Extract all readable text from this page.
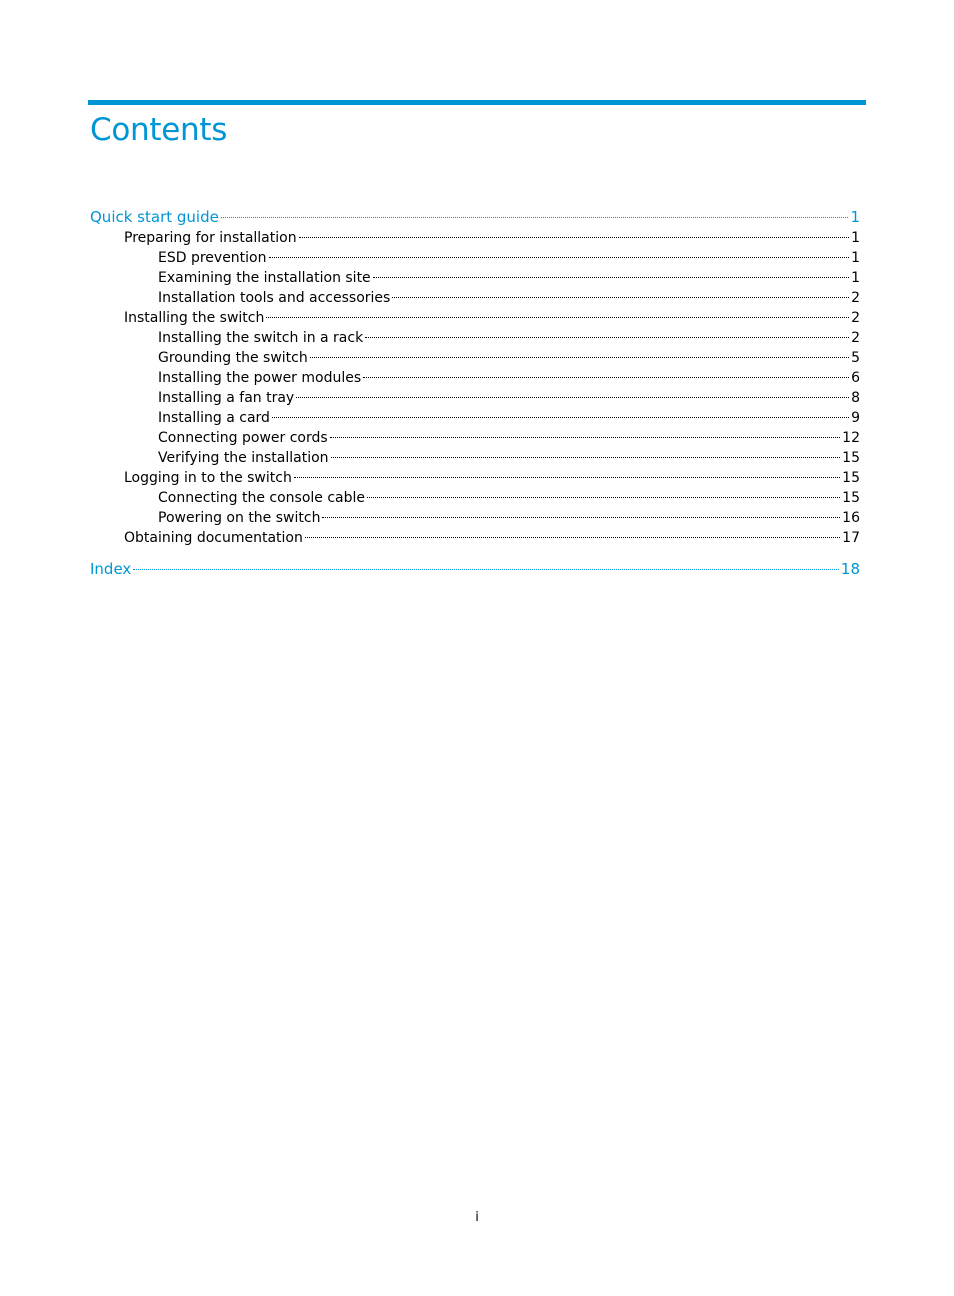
Contents
Quick start guide	1
Preparing for installation	1
ESD prevention	1
Examining the installation site	1
Installation tools and accessories	2
Installing the switch	2
Installing the switch in a rack	2
Grounding the switch	5
Installing the power modules	6
Installing a fan tray	8
Installing a card	9
Connecting power cords	12
Verifying the installation	15
Logging in to the switch	15
Connecting the console cable	15
Powering on the switch	16
Obtaining documentation	17
Index	18
i
